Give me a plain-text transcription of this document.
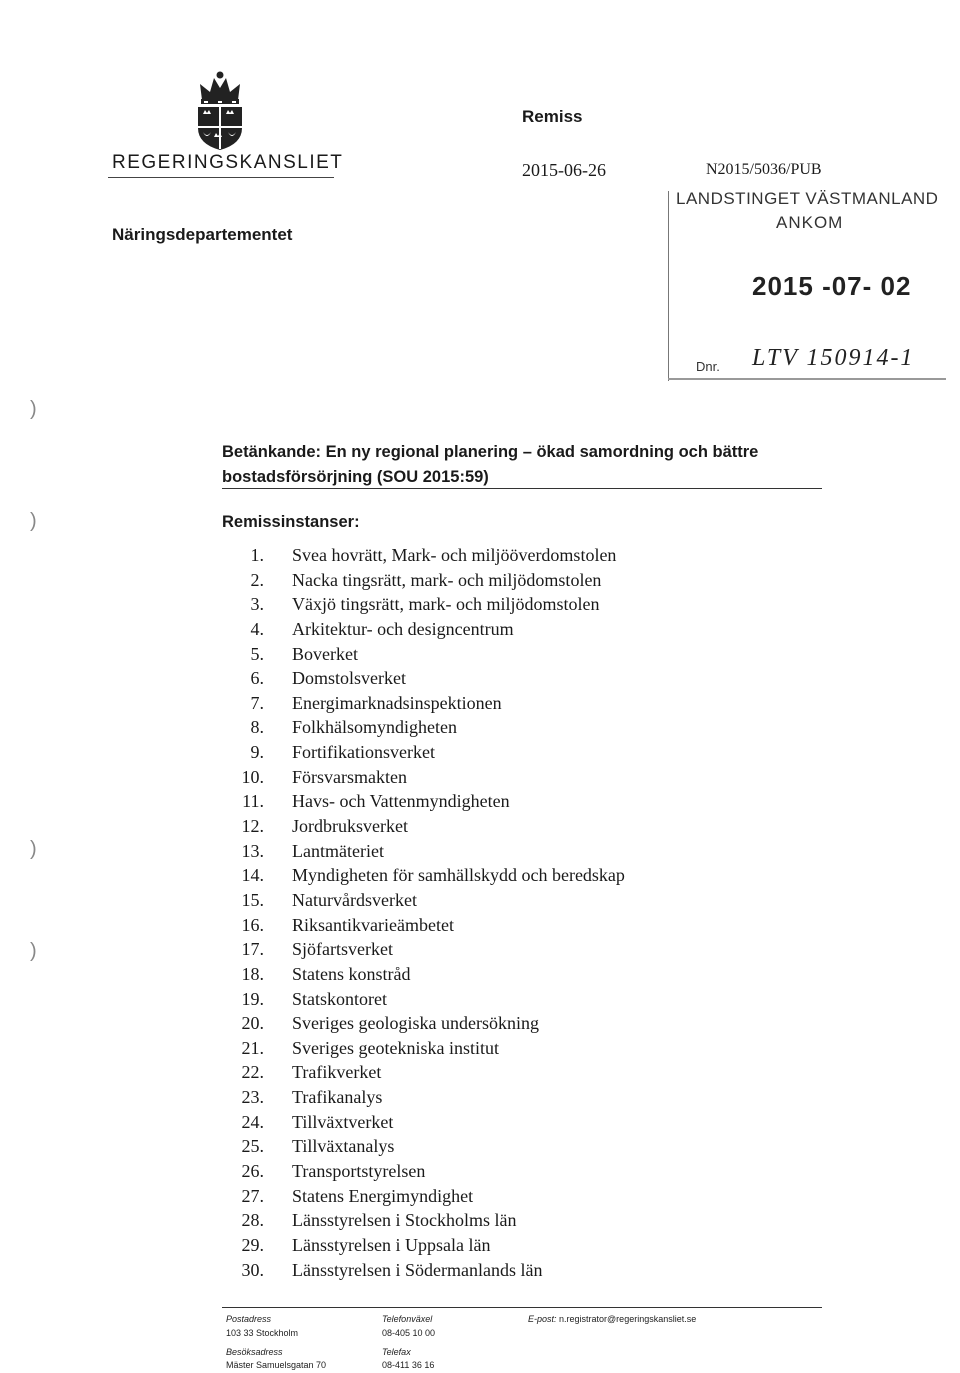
REGERINGSKANSLIET
Näringsdepartementet
Remiss
2015-06-26	N2015/5036/PUB
LANDSTINGET VÄSTMANLAND
ANKOM
2015 -07- 02
Dnr. LTV 150914-1
)
)
)
)
Betänkande: En ny regional planering – ökad samordning och bättre bostadsförsörjning (SOU 2015:59)
Remissinstanser:
1. Svea hovrätt, Mark- och miljööverdomstolen
2. Nacka tingsrätt, mark- och miljödomstolen
3. Växjö tingsrätt, mark- och miljödomstolen
4. Arkitektur- och designcentrum
5. Boverket
6. Domstolsverket
7. Energimarknadsinspektionen
8. Folkhälsomyndigheten
9. Fortifikationsverket
10. Försvarsmakten
11. Havs- och Vattenmyndigheten
12. Jordbruksverket
13. Lantmäteriet
14. Myndigheten för samhällskydd och beredskap
15. Naturvårdsverket
16. Riksantikvarieämbetet
17. Sjöfartsverket
18. Statens konstråd
19. Statskontoret
20. Sveriges geologiska undersökning
21. Sveriges geotekniska institut
22. Trafikverket
23. Trafikanalys
24. Tillväxtverket
25. Tillväxtanalys
26. Transportstyrelsen
27. Statens Energimyndighet
28. Länsstyrelsen i Stockholms län
29. Länsstyrelsen i Uppsala län
30. Länsstyrelsen i Södermanlands län
Postadress
103 33 Stockholm
Besöksadress
Mäster Samuelsgatan 70
Telefonväxel
08-405 10 00
Telefax
08-411 36 16
E-post: n.registrator@regeringskansliet.se
